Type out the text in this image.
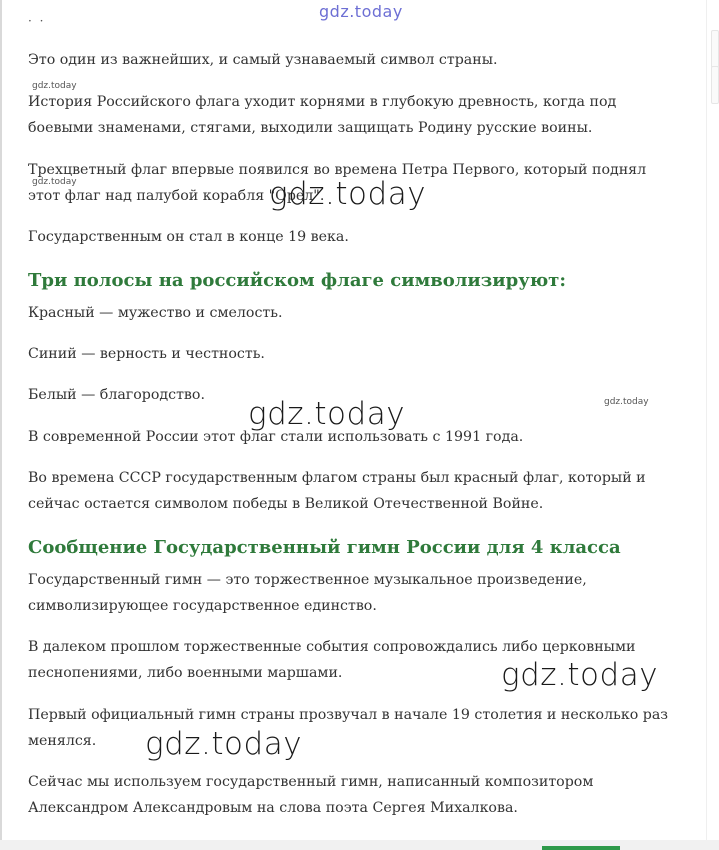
gdz.today
· ·

Это один из важнейших, и самый узнаваемый символ страны.

История Российского флага уходит корнями в глубокую древность, когда под боевыми знаменами, стягами, выходили защищать Родину русские воины.

Трехцветный флаг впервые появился во времена Петра Первого, который поднял этот флаг над палубой корабля "Орел".

Государственным он стал в конце 19 века.

Три полосы на российском флаге символизируют:

Красный — мужество и смелость.

Синий — верность и честность.

Белый — благородство.

В современной России этот флаг стали использовать с 1991 года.

Во времена СССР государственным флагом страны был красный флаг, который и сейчас остается символом победы в Великой Отечественной Войне.

Сообщение Государственный гимн России для 4 класса

Государственный гимн — это торжественное музыкальное произведение, символизирующее государственное единство.

В далеком прошлом торжественные события сопровождались либо церковными песнопениями, либо военными маршами.

Первый официальный гимн страны прозвучал в начале 19 столетия и несколько раз менялся.

Сейчас мы используем государственный гимн, написанный композитором Александром Александровым на слова поэта Сергея Михалкова.

gdz.today
gdz.today
gdz.today
gdz.today
gdz.today
gdz.today
gdz.today
